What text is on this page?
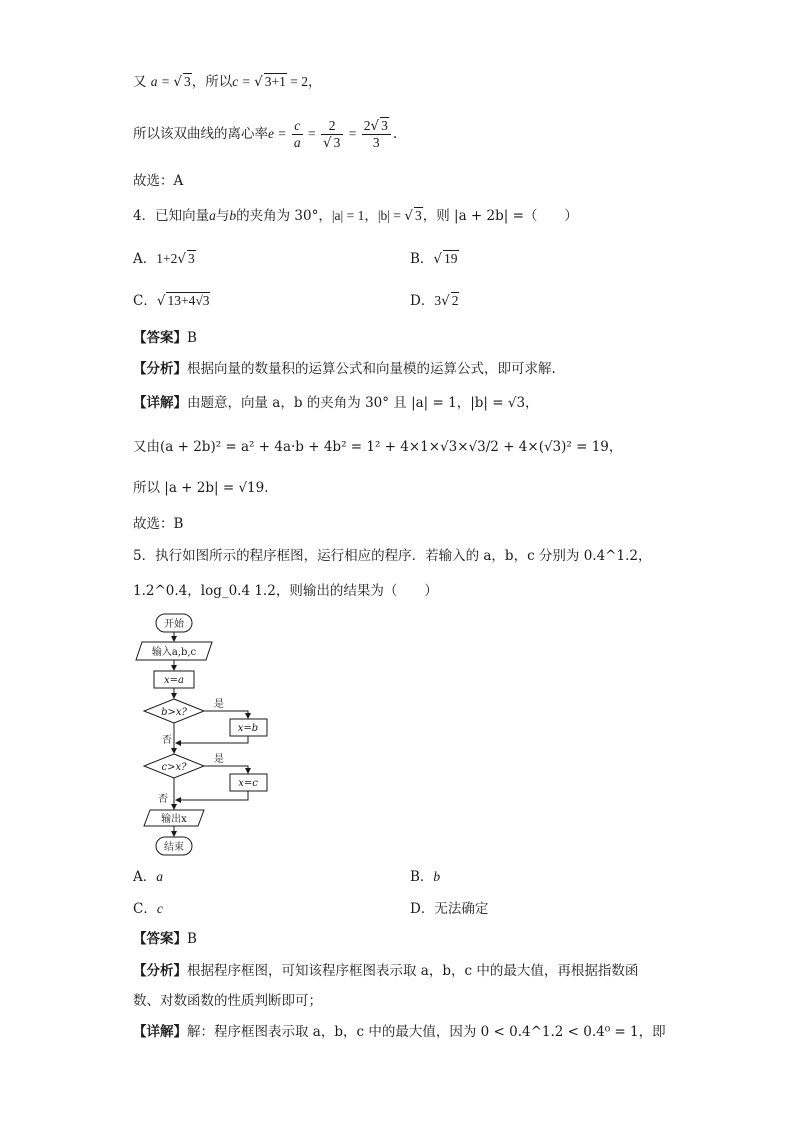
又 a = √ 3，所以c = √ 3+1 = 2，
所以该双曲线的离心率$e = \frac{c}{a} = \frac{2}{√ 3} = \frac{2√ 3}{3}$ .
故选：A
4．已知向量a与b的夹角为 30°，|a| = 1，|b| = √ 3，则 |a + 2b| =（　　）
A．1+2√ 3	B．√ 19
C．√ 13+4√3	D．3√ 2
【答案】B
【分析】根据向量的数量积的运算公式和向量模的运算公式，即可求解.
【详解】由题意，向量 a，b 的夹角为 30° 且 |a| = 1，|b| = √3，
又由(a + 2b)² = a² + 4a·b + 4b² = 1² + 4×1×√3×√3/2 + 4×(√3)² = 19，
所以 |a + 2b| = √19.
故选：B
5．执行如图所示的程序框图，运行相应的程序．若输入的 a，b，c 分别为 0.4^1.2，
1.2^0.4，log_0.4 1.2，则输出的结果为（　　）
开始
输入a,b,c
x=a
b>x?
是
x=b
否
c>x?
是
x=c
否
输出x
结束
A．a	B．b
C．c	D．无法确定
【答案】B
【分析】根据程序框图，可知该程序框图表示取 a，b，c 中的最大值，再根据指数函
数、对数函数的性质判断即可；
【详解】解：程序框图表示取 a，b，c 中的最大值，因为 0 < 0.4^1.2 < 0.4⁰ = 1，即
